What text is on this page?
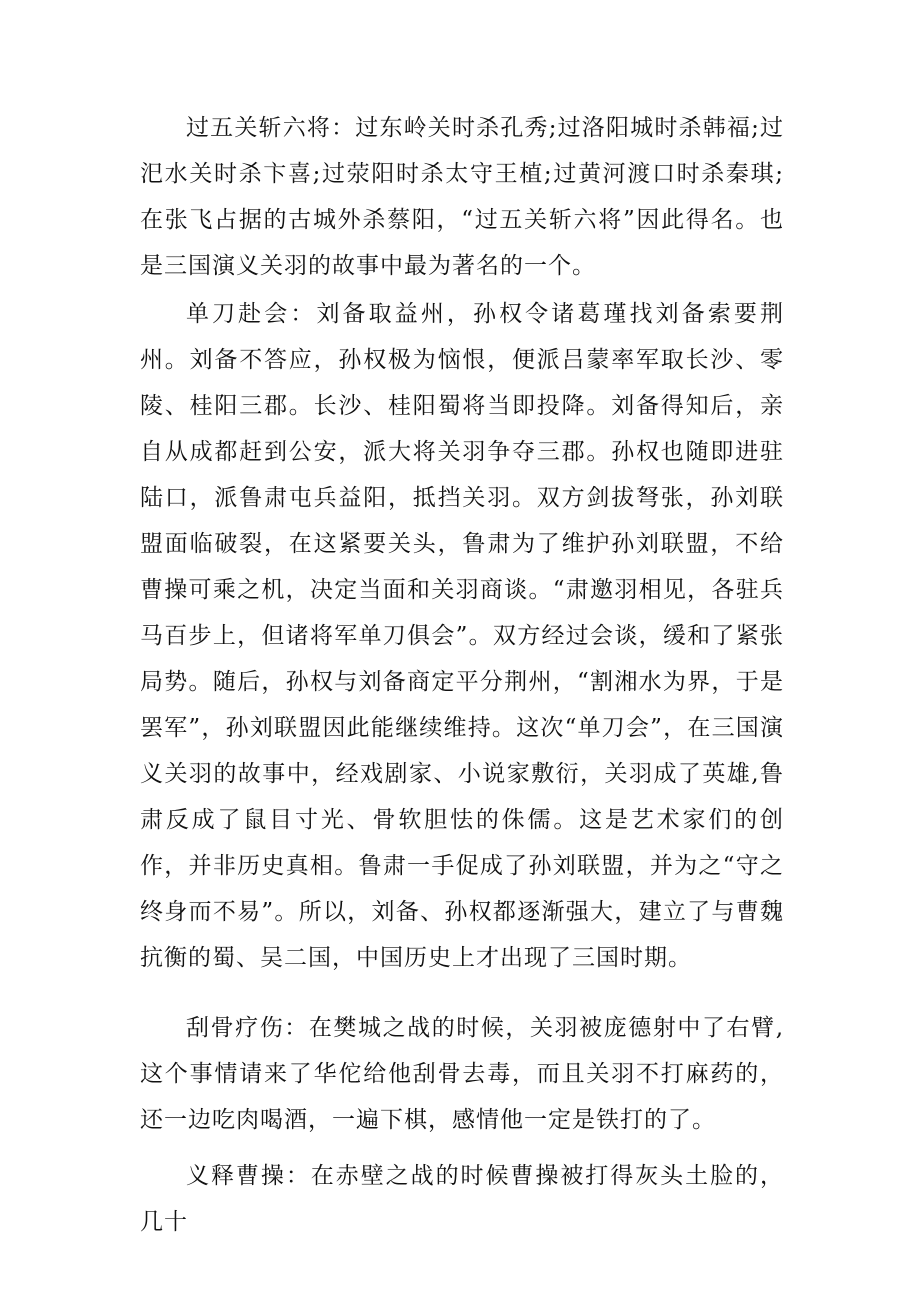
过五关斩六将：过东岭关时杀孔秀;过洛阳城时杀韩福;过汜水关时杀卞喜;过荥阳时杀太守王植;过黄河渡口时杀秦琪;在张飞占据的古城外杀蔡阳，“过五关斩六将”因此得名。也是三国演义关羽的故事中最为著名的一个。

单刀赴会：刘备取益州，孙权令诸葛瑾找刘备索要荆州。刘备不答应，孙权极为恼恨，便派吕蒙率军取长沙、零陵、桂阳三郡。长沙、桂阳蜀将当即投降。刘备得知后，亲自从成都赶到公安，派大将关羽争夺三郡。孙权也随即进驻陆口，派鲁肃屯兵益阳，抵挡关羽。双方剑拔弩张，孙刘联盟面临破裂，在这紧要关头，鲁肃为了维护孙刘联盟，不给曹操可乘之机，决定当面和关羽商谈。“肃邀羽相见，各驻兵马百步上，但诸将军单刀俱会”。双方经过会谈，缓和了紧张局势。随后，孙权与刘备商定平分荆州，“割湘水为界，于是罢军”，孙刘联盟因此能继续维持。这次“单刀会”，在三国演义关羽的故事中，经戏剧家、小说家敷衍，关羽成了英雄,鲁肃反成了鼠目寸光、骨软胆怯的侏儒。这是艺术家们的创作，并非历史真相。鲁肃一手促成了孙刘联盟，并为之“守之终身而不易”。所以，刘备、孙权都逐渐强大，建立了与曹魏抗衡的蜀、吴二国，中国历史上才出现了三国时期。

刮骨疗伤：在樊城之战的时候，关羽被庞德射中了右臂,这个事情请来了华佗给他刮骨去毒，而且关羽不打麻药的，还一边吃肉喝酒，一遍下棋，感情他一定是铁打的了。

义释曹操：在赤壁之战的时候曹操被打得灰头土脸的，几十
